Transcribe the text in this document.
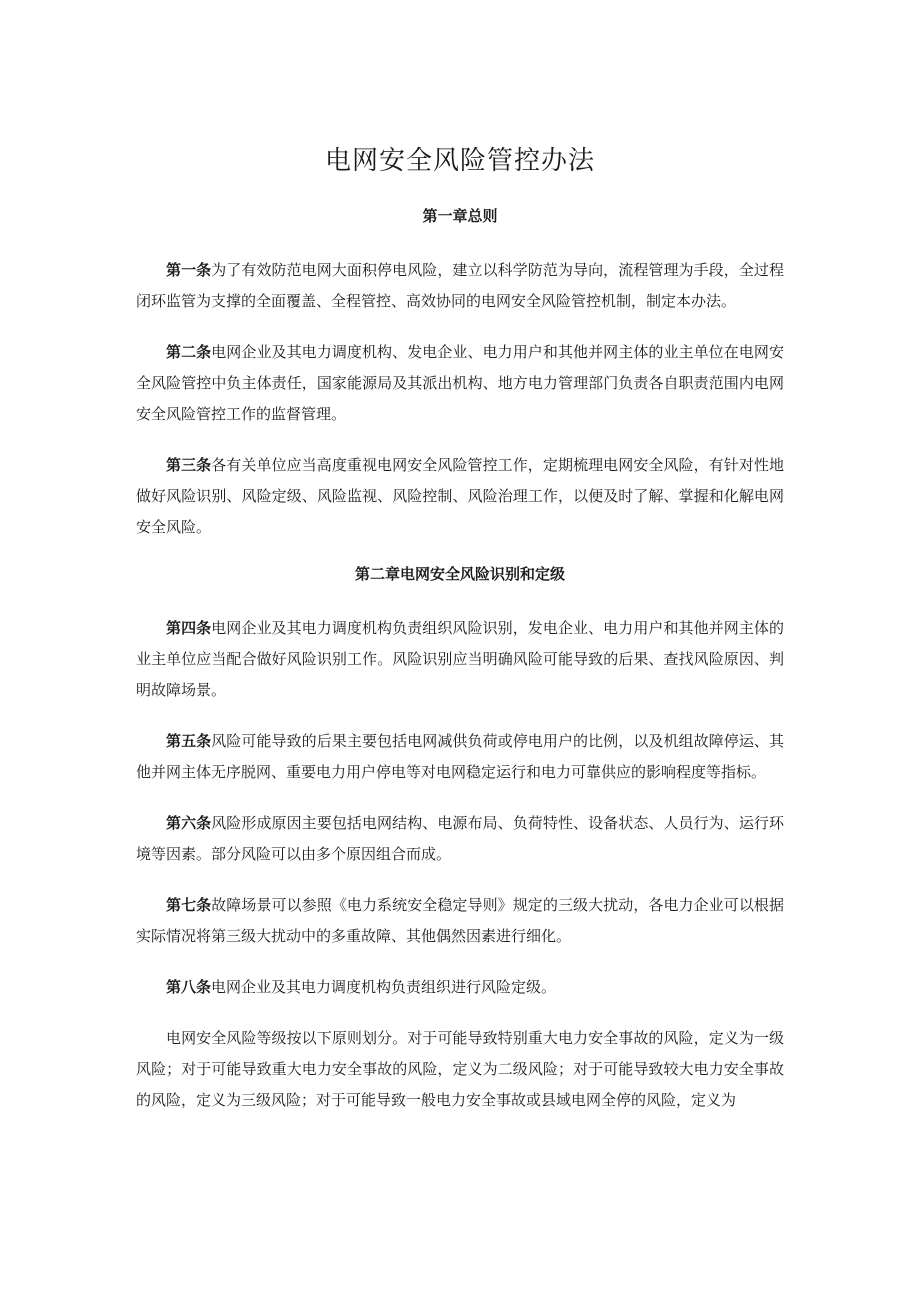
电网安全风险管控办法
第一章总则

第一条为了有效防范电网大面积停电风险，建立以科学防范为导向，流程管理为手段，全过程闭环监管为支撑的全面覆盖、全程管控、高效协同的电网安全风险管控机制，制定本办法。

第二条电网企业及其电力调度机构、发电企业、电力用户和其他并网主体的业主单位在电网安全风险管控中负主体责任，国家能源局及其派出机构、地方电力管理部门负责各自职责范围内电网安全风险管控工作的监督管理。

第三条各有关单位应当高度重视电网安全风险管控工作，定期梳理电网安全风险，有针对性地做好风险识别、风险定级、风险监视、风险控制、风险治理工作，以便及时了解、掌握和化解电网安全风险。

第二章电网安全风险识别和定级

第四条电网企业及其电力调度机构负责组织风险识别，发电企业、电力用户和其他并网主体的业主单位应当配合做好风险识别工作。风险识别应当明确风险可能导致的后果、查找风险原因、判明故障场景。

第五条风险可能导致的后果主要包括电网减供负荷或停电用户的比例，以及机组故障停运、其他并网主体无序脱网、重要电力用户停电等对电网稳定运行和电力可靠供应的影响程度等指标。

第六条风险形成原因主要包括电网结构、电源布局、负荷特性、设备状态、人员行为、运行环境等因素。部分风险可以由多个原因组合而成。

第七条故障场景可以参照《电力系统安全稳定导则》规定的三级大扰动，各电力企业可以根据实际情况将第三级大扰动中的多重故障、其他偶然因素进行细化。

第八条电网企业及其电力调度机构负责组织进行风险定级。

电网安全风险等级按以下原则划分。对于可能导致特别重大电力安全事故的风险，定义为一级风险；对于可能导致重大电力安全事故的风险，定义为二级风险；对于可能导致较大电力安全事故的风险，定义为三级风险；对于可能导致一般电力安全事故或县域电网全停的风险，定义为
